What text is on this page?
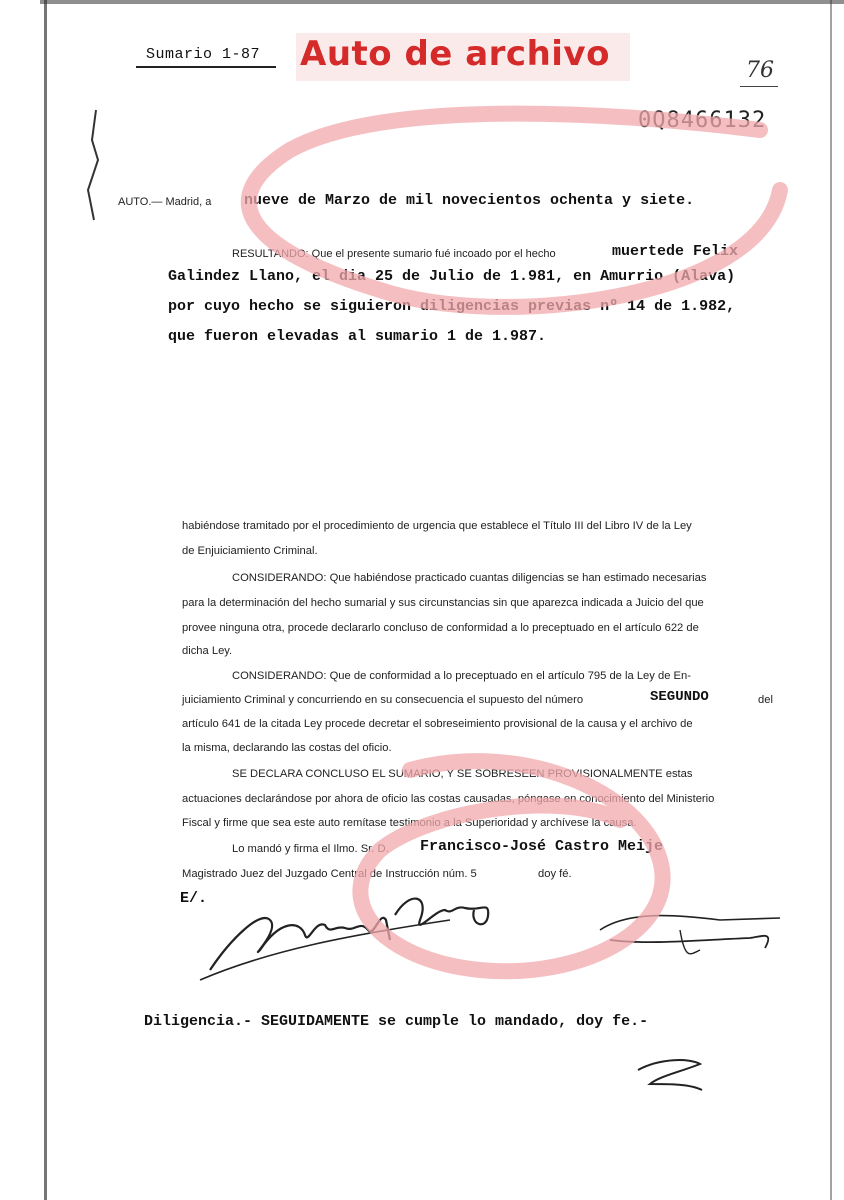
Sumario 1-87 Auto de archivo	76
0Q8466132
AUTO.— Madrid, a nueve de Marzo de mil novecientos ochenta y siete.
RESULTANDO: Que el presente sumario fué incoado por el hecho	muertede Felix
Galindez Llano, el dia 25 de Julio de 1.981, en Amurrio (Alava)
por cuyo hecho se siguieron diligencias previas nº 14 de 1.982,
que fueron elevadas al sumario 1 de 1.987.
habiéndose tramitado por el procedimiento de urgencia que establece el Título III del Libro IV de la Ley
de Enjuiciamiento Criminal.
CONSIDERANDO: Que habiéndose practicado cuantas diligencias se han estimado necesarias
para la determinación del hecho sumarial y sus circunstancias sin que aparezca indicada a Juicio del que
provee ninguna otra, procede declararlo concluso de conformidad a lo preceptuado en el artículo 622 de
dicha Ley.
CONSIDERANDO: Que de conformidad a lo preceptuado en el artículo 795 de la Ley de En-
juiciamiento Criminal y concurriendo en su consecuencia el supuesto del número	SEGUNDO	del
artículo 641 de la citada Ley procede decretar el sobreseimiento provisional de la causa y el archivo de
la misma, declarando las costas del oficio.
SE DECLARA CONCLUSO EL SUMARIO, Y SE SOBRESEEN PROVISIONALMENTE estas
actuaciones declarándose por ahora de oficio las costas causadas, póngase en conocimiento del Ministerio
Fiscal y firme que sea este auto remítase testimonio a la Superioridad y archívese la causa.
Lo mandó y firma el Ilmo. Sr. D. Francisco-José Castro Meije
Magistrado Juez del Juzgado Central de Instrucción núm. 5	doy fé.
E/.
Diligencia.- SEGUIDAMENTE se cumple lo mandado, doy fe.-
